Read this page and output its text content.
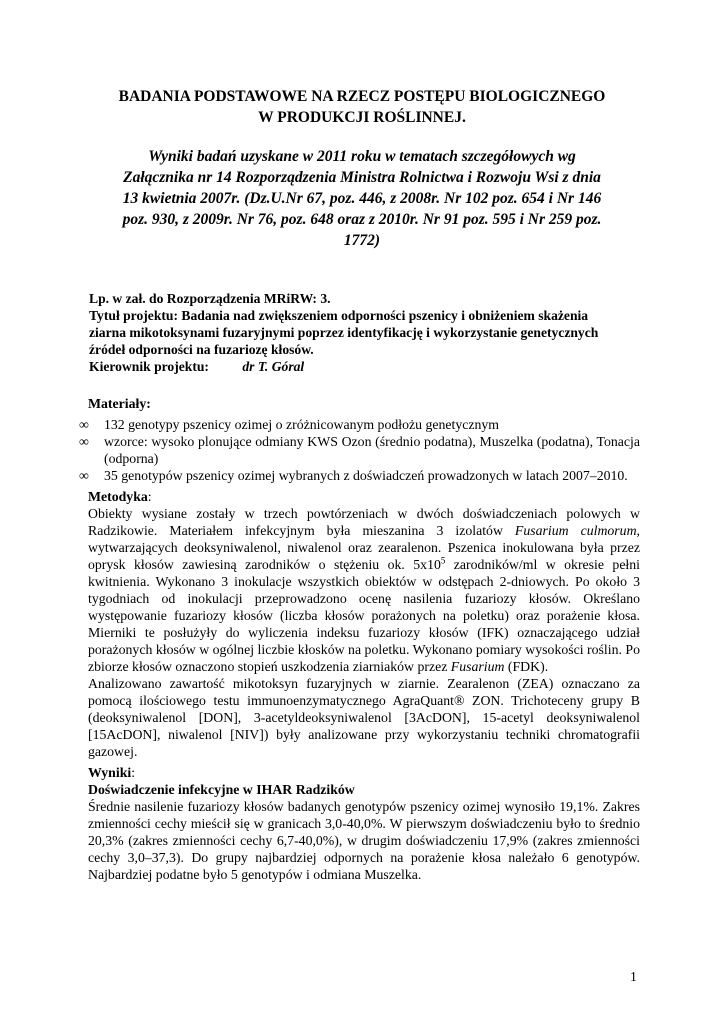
BADANIA PODSTAWOWE NA RZECZ POSTĘPU BIOLOGICZNEGO
W PRODUKCJI ROŚLINNEJ.
Wyniki badań uzyskane w 2011 roku w tematach szczegółowych wg
Załącznika nr 14 Rozporządzenia Ministra Rolnictwa i Rozwoju Wsi z dnia
13 kwietnia 2007r. (Dz.U.Nr 67, poz. 446, z 2008r. Nr 102 poz. 654 i Nr 146
poz. 930, z 2009r. Nr 76, poz. 648 oraz z 2010r. Nr 91 poz. 595 i Nr 259 poz.
1772)
Lp. w zał. do Rozporządzenia MRiRW: 3.
Tytuł projektu: Badania nad zwiększeniem odporności pszenicy i obniżeniem skażenia
ziarna mikotoksynami fuzaryjnymi poprzez identyfikację i wykorzystanie genetycznych
źródeł odporności na fuzariozę kłosów.
Kierownik projektu: dr T. Góral
Materiały:
∞	132 genotypy pszenicy ozimej o zróżnicowanym podłożu genetycznym
∞	wzorce: wysoko plonujące odmiany KWS Ozon (średnio podatna), Muszelka (podatna), Tonacja (odporna)
∞	35 genotypów pszenicy ozimej wybranych z doświadczeń prowadzonych w latach 2007–2010.
Metodyka:

Obiekty wysiane zostały w trzech powtórzeniach w dwóch doświadczeniach polowych w Radzikowie. Materiałem infekcyjnym była mieszanina 3 izolatów Fusarium culmorum, wytwarzających deoksyniwalenol, niwalenol oraz zearalenon. Pszenica inokulowana była przez oprysk kłosów zawiesiną zarodników o stężeniu ok. $5x10^5$ zarodników/ml w okresie pełni kwitnienia. Wykonano 3 inokulacje wszystkich obiektów w odstępach 2-dniowych. Po około 3 tygodniach od inokulacji przeprowadzono ocenę nasilenia fuzariozy kłosów. Określano występowanie fuzariozy kłosów (liczba kłosów porażonych na poletku) oraz porażenie kłosa. Mierniki te posłużyły do wyliczenia indeksu fuzariozy kłosów (IFK) oznaczającego udział porażonych kłosów w ogólnej liczbie kłosków na poletku. Wykonano pomiary wysokości roślin. Po zbiorze kłosów oznaczono stopień uszkodzenia ziarniaków przez Fusarium (FDK).

Analizowano zawartość mikotoksyn fuzaryjnych w ziarnie. Zearalenon (ZEA) oznaczano za pomocą ilościowego testu immunoenzymatycznego AgraQuant® ZON. Trichoteceny grupy B (deoksyniwalenol [DON], 3-acetyldeoksyniwalenol [3AcDON], 15-acetyl deoksyniwalenol [15AcDON], niwalenol [NIV]) były analizowane przy wykorzystaniu techniki chromatografii gazowej.

Wyniki:
Doświadczenie infekcyjne w IHAR Radzików

Średnie nasilenie fuzariozy kłosów badanych genotypów pszenicy ozimej wynosiło 19,1%. Zakres zmienności cechy mieścił się w granicach 3,0-40,0%. W pierwszym doświadczeniu było to średnio 20,3% (zakres zmienności cechy 6,7-40,0%), w drugim doświadczeniu 17,9% (zakres zmienności cechy 3,0–37,3). Do grupy najbardziej odpornych na porażenie kłosa należało 6 genotypów. Najbardziej podatne było 5 genotypów i odmiana Muszelka.

1
